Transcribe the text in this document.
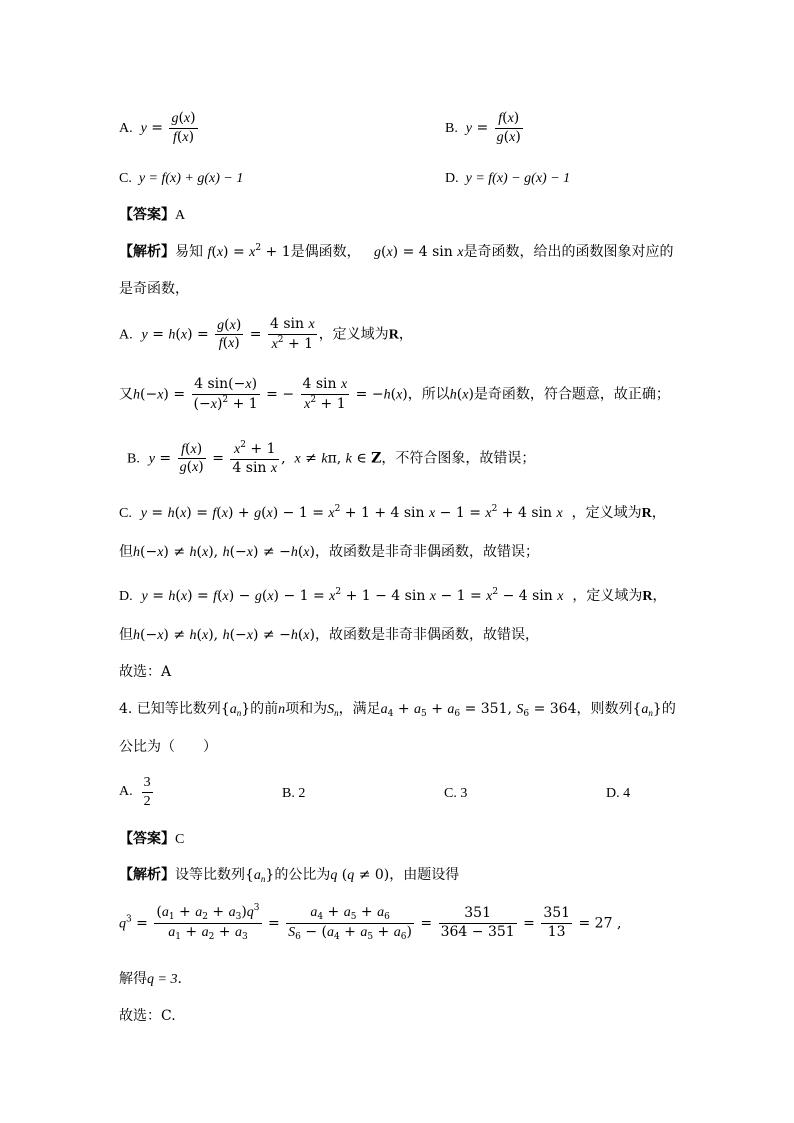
A.  $y = \frac{g(x)}{f(x)}$	B.  $y = \frac{f(x)}{g(x)}$
C. y = f(x) + g(x) − 1	D. y = f(x) − g(x) − 1
【答案】A
【解析】易知 $f(x) = x^2 + 1$是偶函数， g(x) = 4 sin x是奇函数，给出的函数图象对应的
是奇函数，
A. $y = h(x) = \frac{g(x)}{f(x)} = \frac{\text{4 sin x}}{x^2 + 1}$ ，定义域为R，
又$h(-x) = \frac{4 \sin(-x)}{(-x)^2 + 1}$ = − $\frac{\text{4 sin x}}{x^2 + 1} = -h(x)$，所以h(x)是奇函数，符合题意，故正确；
B. $y = \frac{f(x)}{g(x)} = \frac{x^2 + 1}{\text{4 sin x}}$ ,  x ≠ kπ, k ∈ Z，不符合图象，故错误；
C. $y = h(x) = f(x) + g(x) - 1 = x^2 + 1 + 4$ $\sin x - 1 = x^2 + 4$ sin x ，定义域为R，
但h(−x) ≠ h(x), h(−x) ≠ −h(x)，故函数是非奇非偶函数，故错误；
D. $y = h(x) = f(x) - g(x) - 1 = x^2 + 1 - 4$ $\sin x - 1 = x^2 - 4$ sin x ，定义域为R，
但h(−x) ≠ h(x), h(−x) ≠ −h(x)，故函数是非奇非偶函数，故错误，
故选：A
4. 已知等比数列$\{a_n\}$的前n项和为$S_n$，满足$a_4 + a_5 + a_6 = 351$, $S_6 = 364$，则数列$\{a_n\}$的
公比为（　　）
A. $\frac{3}{2}$	B. 2	C. 3	D. 4
【答案】C
【解析】设等比数列$\{a_n\}$的公比为q (q ≠ 0)，由题设得
$q^3 = \frac{(a_1 + a_2 + a_3)q^3}{a_1 + a_2 + a_3} = \frac{a_4 + a_5 + a_6}{S_6 - (a_4 + a_5 + a_6)} = \frac{351}{364 - 351} = \frac{351}{13} = 27$ ,
解得q = 3.
故选：C.
